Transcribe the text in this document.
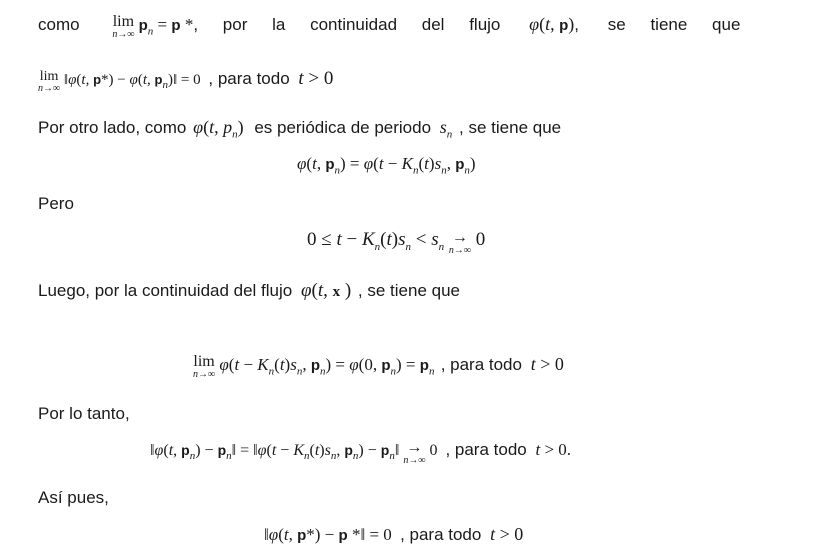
como lim
n→∞
$p_n = p$ *, por la continuidad del flujo φ(t, p), se tiene que
lim
n→∞
‖φ(t, p*) − φ(t, $p_n)‖ = 0$ , para todo t > 0
Por otro lado, como φ(t, $p_n$) es periódica de periodo $s_n$ , se tiene que
φ(t, $p_n) = \varphi(t - K_n(t)s_n$, $p_n$)
Pero
$0 \le t - K_n(t)s_n < s_n$
→
n→∞
0
Luego, por la continuidad del flujo φ(t, x ) , se tiene que
lim
n→∞
$\varphi(t - K_n(t)s_n$, $p_n) = \varphi(0$, $p_n) = p_n$ , para todo t > 0
Por lo tanto,
‖φ(t, $p_n$) − $p_n‖$ = ‖φ(t − $K_n(t)s_n$, $p_n$) − $p_n‖$ →
n→∞
0 , para todo t > 0.
Así pues,
‖φ(t, p*) − p *‖ = 0 , para todo t > 0
